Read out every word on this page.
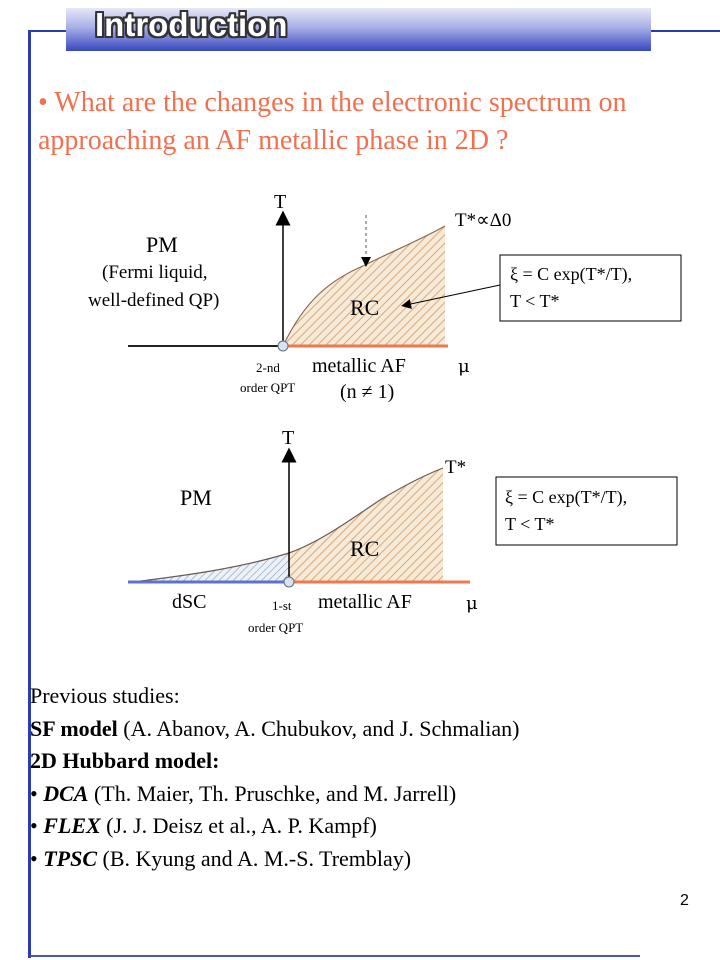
Introduction
• What are the changes in the electronic spectrum on approaching an AF metallic phase in 2D ?
T
PM
(Fermi liquid,
well-defined QP)	RC
T*∝Δ0
ξ = C exp(T*/T),
T < T*
2-nd
order QPT
metallic AF
(n ≠ 1)
μ
T
PM
RC
T*
ξ = C exp(T*/T),
T < T*
dSC	1-st
order QPT
metallic AF	μ
Previous studies:
SF model (A. Abanov, A. Chubukov, and J. Schmalian)
2D Hubbard model:
• DCA (Th. Maier, Th. Pruschke, and M. Jarrell)
• FLEX (J. J. Deisz et al., A. P. Kampf)
• TPSC (B. Kyung and A. M.-S. Tremblay)
2
